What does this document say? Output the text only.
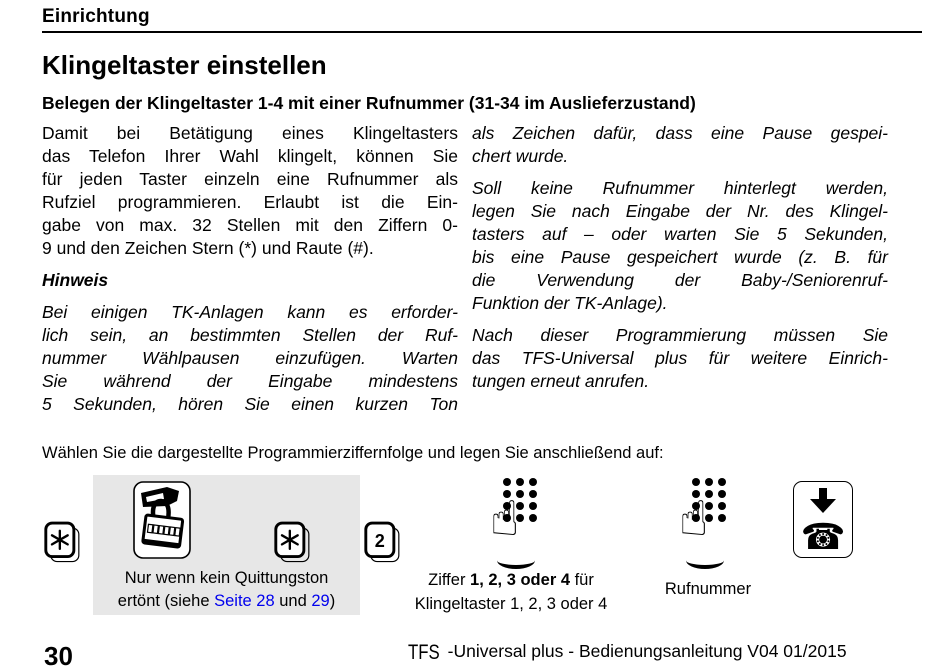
Einrichtung
Klingeltaster einstellen
Belegen der Klingeltaster 1-4 mit einer Rufnummer (31-34 im Auslieferzustand)
Damit bei Betätigung eines Klingeltasters
das Telefon Ihrer Wahl klingelt, können Sie
für jeden Taster einzeln eine Rufnummer als
Rufziel programmieren. Erlaubt ist die Ein-
gabe von max. 32 Stellen mit den Ziffern 0-
9 und den Zeichen Stern (*) und Raute (#).
Hinweis
Bei einigen TK-Anlagen kann es erforder-
lich sein, an bestimmten Stellen der Ruf-
nummer Wählpausen einzufügen. Warten
Sie während der Eingabe mindestens
5 Sekunden, hören Sie einen kurzen Ton
als Zeichen dafür, dass eine Pause gespei-
chert wurde.
Soll keine Rufnummer hinterlegt werden,
legen Sie nach Eingabe der Nr. des Klingel-
tasters auf – oder warten Sie 5 Sekunden,
bis eine Pause gespeichert wurde (z. B. für
die Verwendung der Baby-/Seniorenruf-
Funktion der TK-Anlage).
Nach dieser Programmierung müssen Sie
das TFS-Universal plus für weitere Einrich-
tungen erneut anrufen.
Wählen Sie die dargestellte Programmierziffernfolge und legen Sie anschließend auf:
Nur wenn kein Quittungston
ertönt (siehe Seite 28 und 29)
2 ☝	☝
Ziffer 1, 2, 3 oder 4 für
Klingeltaster 1, 2, 3 oder 4
Rufnummer
☎
30	TFS -Universal plus - Bedienungsanleitung V04 01/2015
